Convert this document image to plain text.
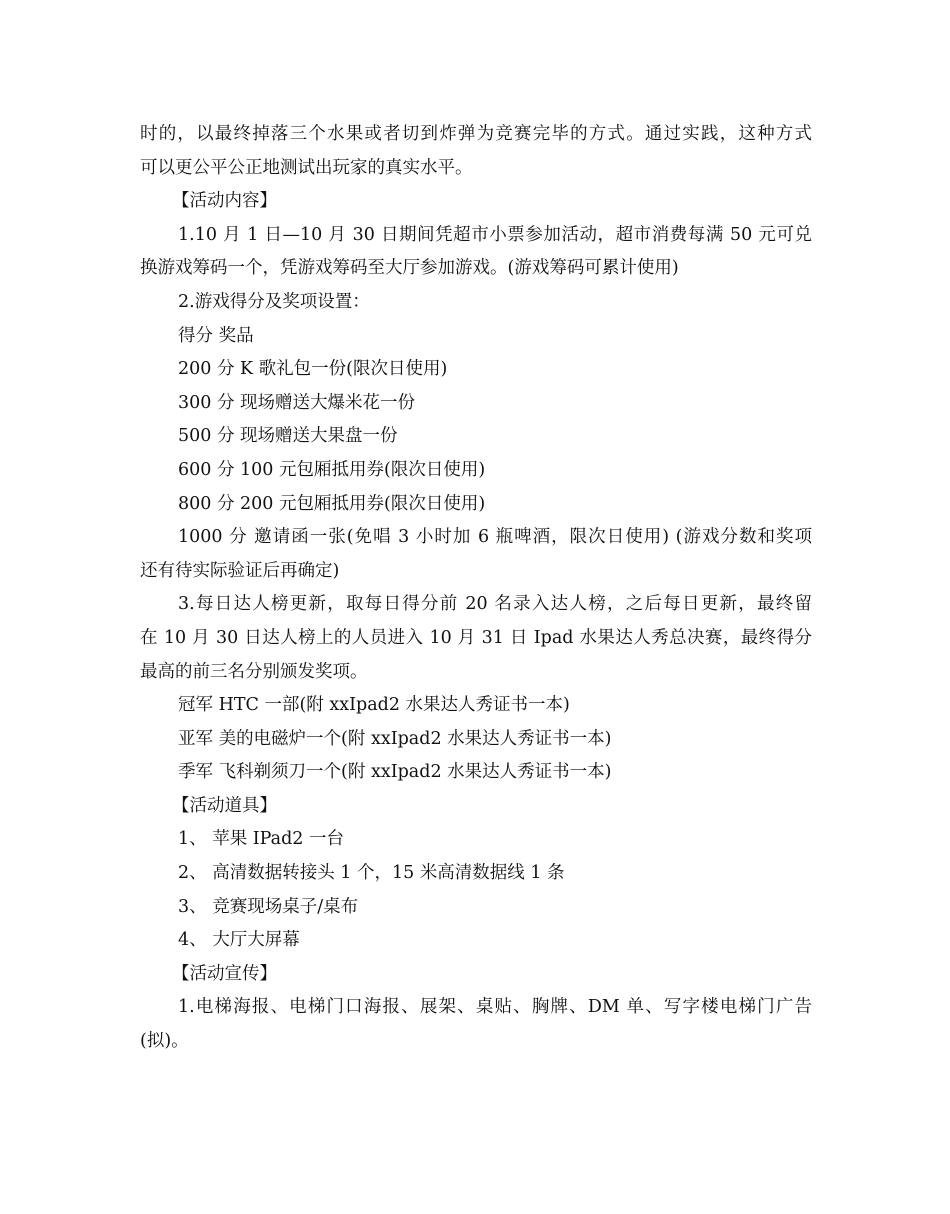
时的，以最终掉落三个水果或者切到炸弹为竞赛完毕的方式。通过实践，这种方式
可以更公平公正地测试出玩家的真实水平。
【活动内容】
1.10 月 1 日—10 月 30 日期间凭超市小票参加活动，超市消费每满 50 元可兑
换游戏筹码一个，凭游戏筹码至大厅参加游戏。(游戏筹码可累计使用)
2.游戏得分及奖项设置：
得分 奖品
200 分 K 歌礼包一份(限次日使用)
300 分 现场赠送大爆米花一份
500 分 现场赠送大果盘一份
600 分 100 元包厢抵用券(限次日使用)
800 分 200 元包厢抵用券(限次日使用)
1000 分 邀请函一张(免唱 3 小时加 6 瓶啤酒，限次日使用) (游戏分数和奖项
还有待实际验证后再确定)
3.每日达人榜更新，取每日得分前 20 名录入达人榜，之后每日更新，最终留
在 10 月 30 日达人榜上的人员进入 10 月 31 日 Ipad 水果达人秀总决赛，最终得分
最高的前三名分别颁发奖项。
冠军 HTC 一部(附 xxIpad2 水果达人秀证书一本)
亚军 美的电磁炉一个(附 xxIpad2 水果达人秀证书一本)
季军 飞科剃须刀一个(附 xxIpad2 水果达人秀证书一本)
【活动道具】
1、 苹果 IPad2 一台
2、 高清数据转接头 1 个，15 米高清数据线 1 条
3、 竞赛现场桌子/桌布
4、 大厅大屏幕
【活动宣传】
1.电梯海报、电梯门口海报、展架、桌贴、胸牌、DM 单、写字楼电梯门广告
(拟)。
